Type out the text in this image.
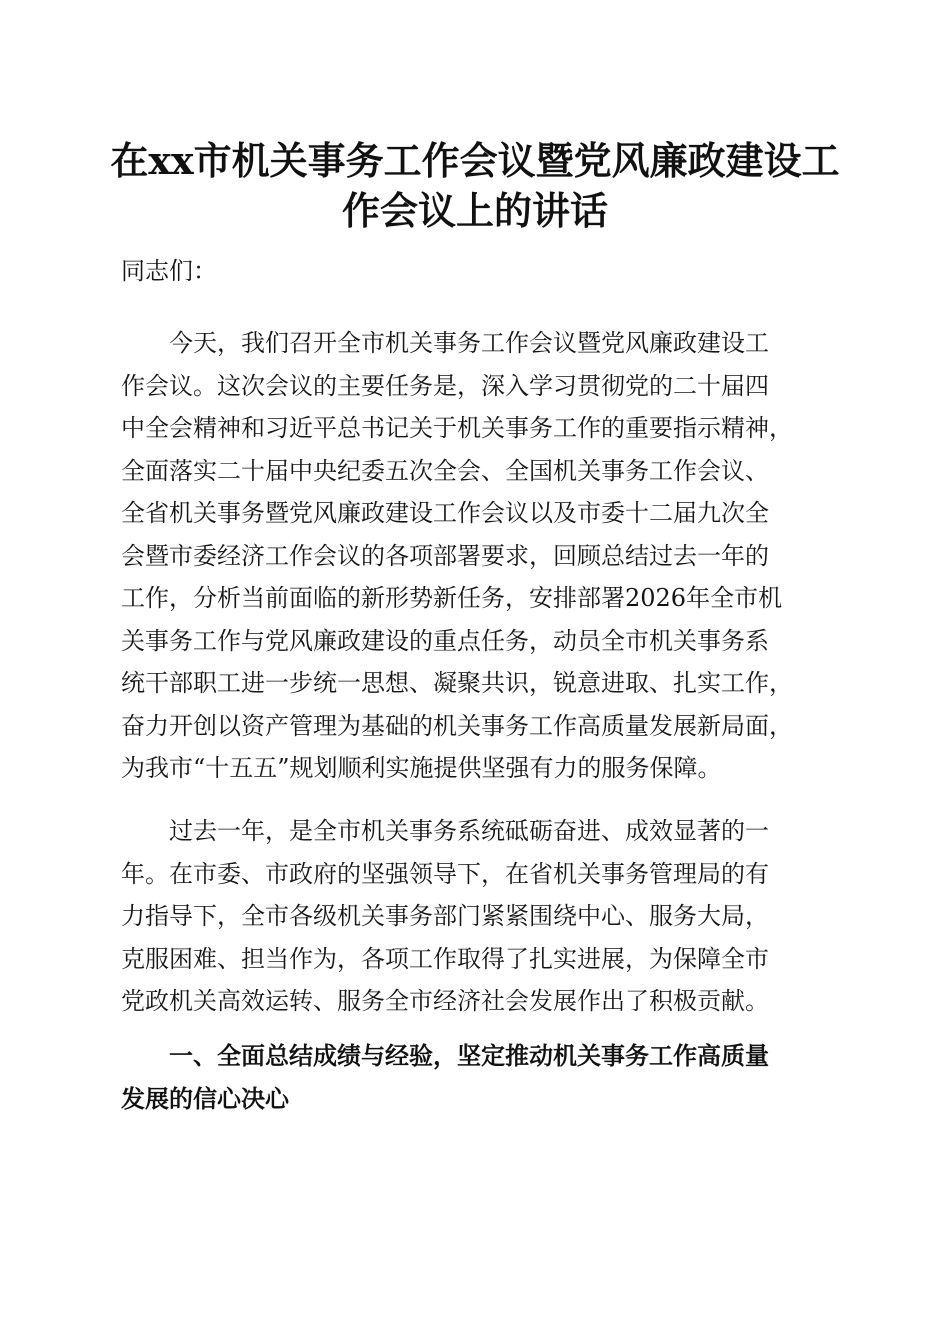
在xx市机关事务工作会议暨党风廉政建设工
作会议上的讲话
同志们：
今天，我们召开全市机关事务工作会议暨党风廉政建设工
作会议。这次会议的主要任务是，深入学习贯彻党的二十届四
中全会精神和习近平总书记关于机关事务工作的重要指示精神，
全面落实二十届中央纪委五次全会、全国机关事务工作会议、
全省机关事务暨党风廉政建设工作会议以及市委十二届九次全
会暨市委经济工作会议的各项部署要求，回顾总结过去一年的
工作，分析当前面临的新形势新任务，安排部署2026年全市机
关事务工作与党风廉政建设的重点任务，动员全市机关事务系
统干部职工进一步统一思想、凝聚共识，锐意进取、扎实工作，
奋力开创以资产管理为基础的机关事务工作高质量发展新局面，
为我市“十五五”规划顺利实施提供坚强有力的服务保障。
过去一年，是全市机关事务系统砥砺奋进、成效显著的一
年。在市委、市政府的坚强领导下，在省机关事务管理局的有
力指导下，全市各级机关事务部门紧紧围绕中心、服务大局，
克服困难、担当作为，各项工作取得了扎实进展，为保障全市
党政机关高效运转、服务全市经济社会发展作出了积极贡献。
一、全面总结成绩与经验，坚定推动机关事务工作高质量
发展的信心决心
